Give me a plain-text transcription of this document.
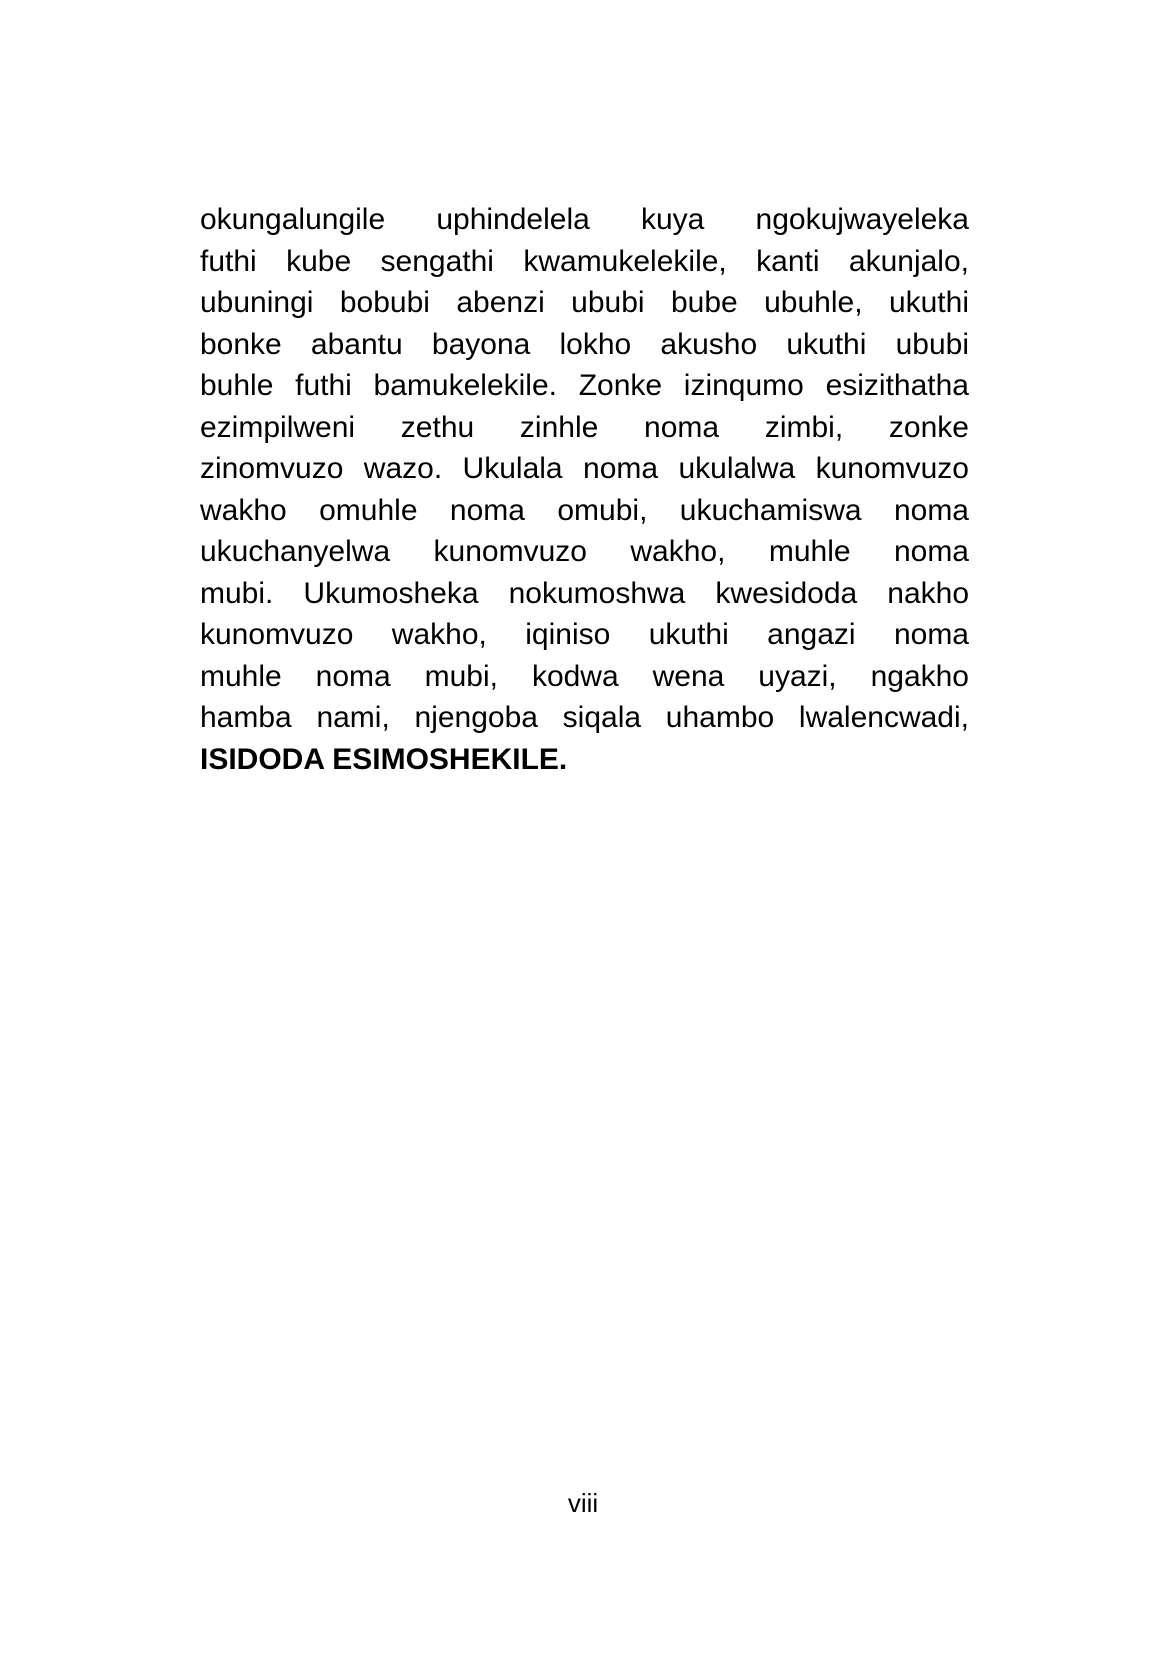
okungalungile uphindelela kuya ngokujwayeleka
futhi kube sengathi kwamukelekile, kanti akunjalo,
ubuningi bobubi abenzi ububi bube ubuhle, ukuthi
bonke abantu bayona lokho akusho ukuthi ububi
buhle futhi bamukelekile. Zonke izinqumo esizithatha
ezimpilweni zethu zinhle noma zimbi, zonke
zinomvuzo wazo. Ukulala noma ukulalwa kunomvuzo
wakho omuhle noma omubi, ukuchamiswa noma
ukuchanyelwa kunomvuzo wakho, muhle noma
mubi. Ukumosheka nokumoshwa kwesidoda nakho
kunomvuzo wakho, iqiniso ukuthi angazi noma
muhle noma mubi, kodwa wena uyazi, ngakho
hamba nami, njengoba siqala uhambo lwalencwadi,
ISIDODA ESIMOSHEKILE.
viii
